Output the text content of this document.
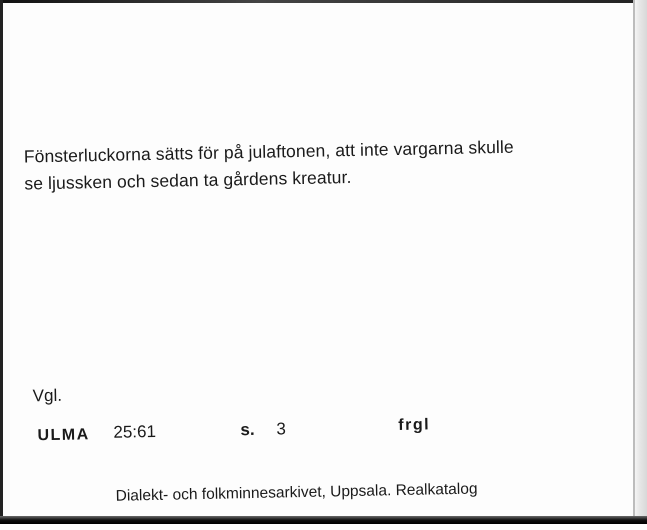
Fönsterluckorna sätts för på julaftonen, att inte vargarna skulle
se ljussken och sedan ta gårdens kreatur.
Vgl.
ULMA 25:61	s. 3	frgl
Dialekt- och folkminnesarkivet, Uppsala. Realkatalog
